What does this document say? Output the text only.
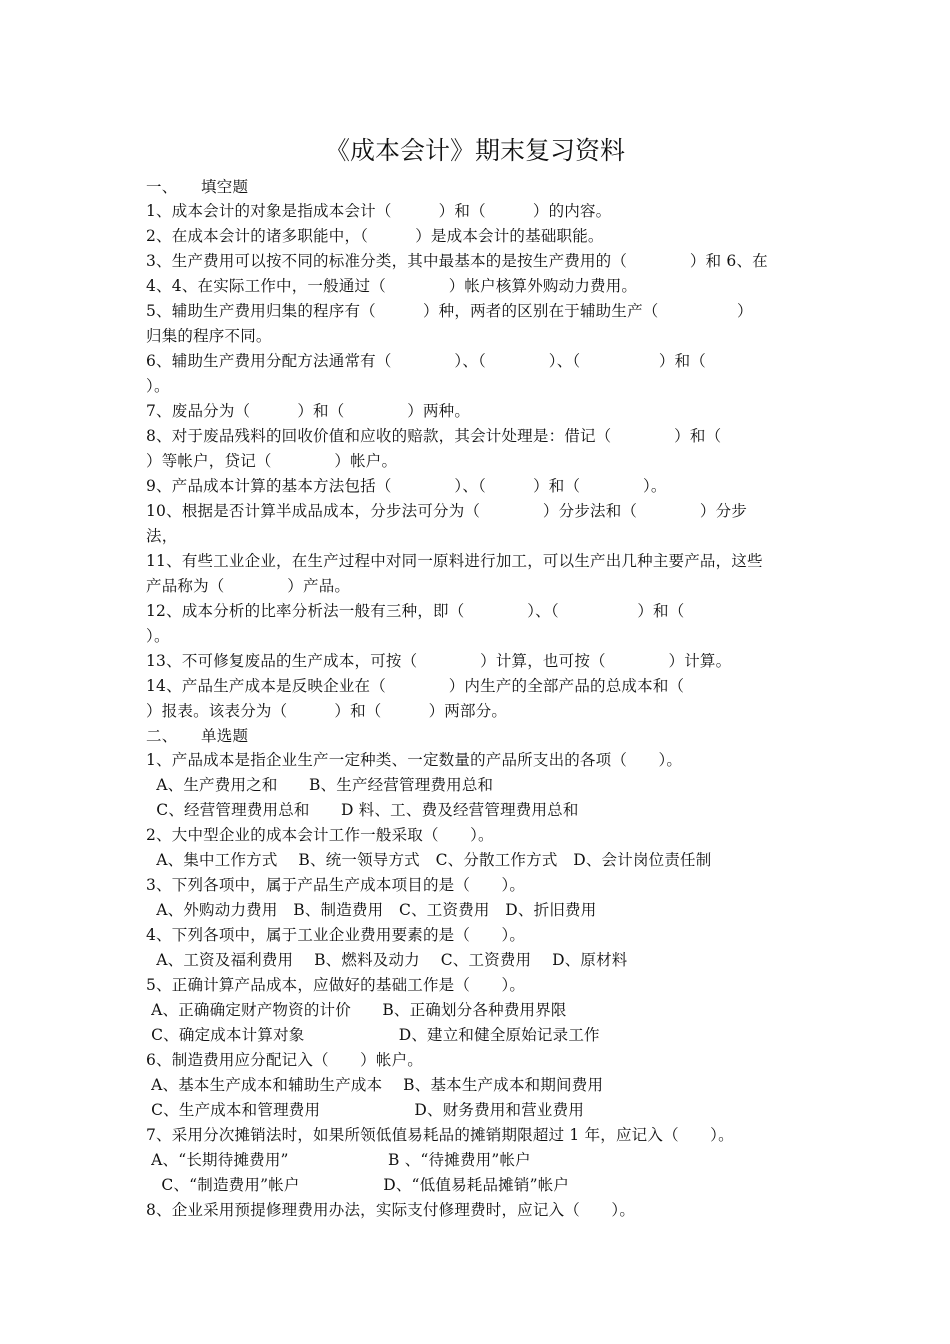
《成本会计》期末复习资料
一、　　填空题
1、成本会计的对象是指成本会计（　　　）和（　　　）的内容。
2、在成本会计的诸多职能中，（　　　）是成本会计的基础职能。
3、生产费用可以按不同的标准分类，其中最基本的是按生产费用的（　　　　）和 6、在
4、4、在实际工作中，一般通过（　　　　）帐户核算外购动力费用。
5、辅助生产费用归集的程序有（　　　）种，两者的区别在于辅助生产（　　　　　）
归集的程序不同。
6、辅助生产费用分配方法通常有（　　　　）、（　　　　）、（　　　　　）和（
）。
7、废品分为（　　　）和（　　　　）两种。
8、对于废品残料的回收价值和应收的赔款，其会计处理是：借记（　　　　）和（
）等帐户，贷记（　　　　）帐户。
9、产品成本计算的基本方法包括（　　　　）、（　　　）和（　　　　）。
10、根据是否计算半成品成本，分步法可分为（　　　　）分步法和（　　　　）分步
法，
11、有些工业企业，在生产过程中对同一原料进行加工，可以生产出几种主要产品，这些
产品称为（　　　　）产品。
12、成本分析的比率分析法一般有三种，即（　　　　）、（　　　　　）和（
）。
13、不可修复废品的生产成本，可按（　　　　）计算，也可按（　　　　）计算。
14、产品生产成本是反映企业在（　　　　）内生产的全部产品的总成本和（
）报表。该表分为（　　　）和（　　　）两部分。
二、　　单选题
1、产品成本是指企业生产一定种类、一定数量的产品所支出的各项（　　）。
A、生产费用之和　　B、生产经营管理费用总和
C、经营管理费用总和　　D 料、工、费及经营管理费用总和
2、大中型企业的成本会计工作一般采取（　　）。
A、集中工作方式　 B、统一领导方式　C、分散工作方式　D、会计岗位责任制
3、下列各项中，属于产品生产成本项目的是（　　）。
A、外购动力费用　B、制造费用　C、工资费用　D、折旧费用
4、下列各项中，属于工业企业费用要素的是（　　）。
A、工资及福利费用　 B、燃料及动力　 C、工资费用　 D、原材料
5、正确计算产品成本，应做好的基础工作是（　　）。
A、正确确定财产物资的计价　　B、正确划分各种费用界限
C、确定成本计算对象　　　　　　D、建立和健全原始记录工作
6、制造费用应分配记入（　　）帐户。
A、基本生产成本和辅助生产成本　 B、基本生产成本和期间费用
C、生产成本和管理费用　　　　　　D、财务费用和营业费用
7、采用分次摊销法时，如果所领低值易耗品的摊销期限超过 1 年，应记入（　　）。
A、“长期待摊费用”　　　　　　 B 、“待摊费用”帐户
C、“制造费用”帐户　　　　　 D、“低值易耗品摊销”帐户
8、企业采用预提修理费用办法，实际支付修理费时，应记入（　　）。
